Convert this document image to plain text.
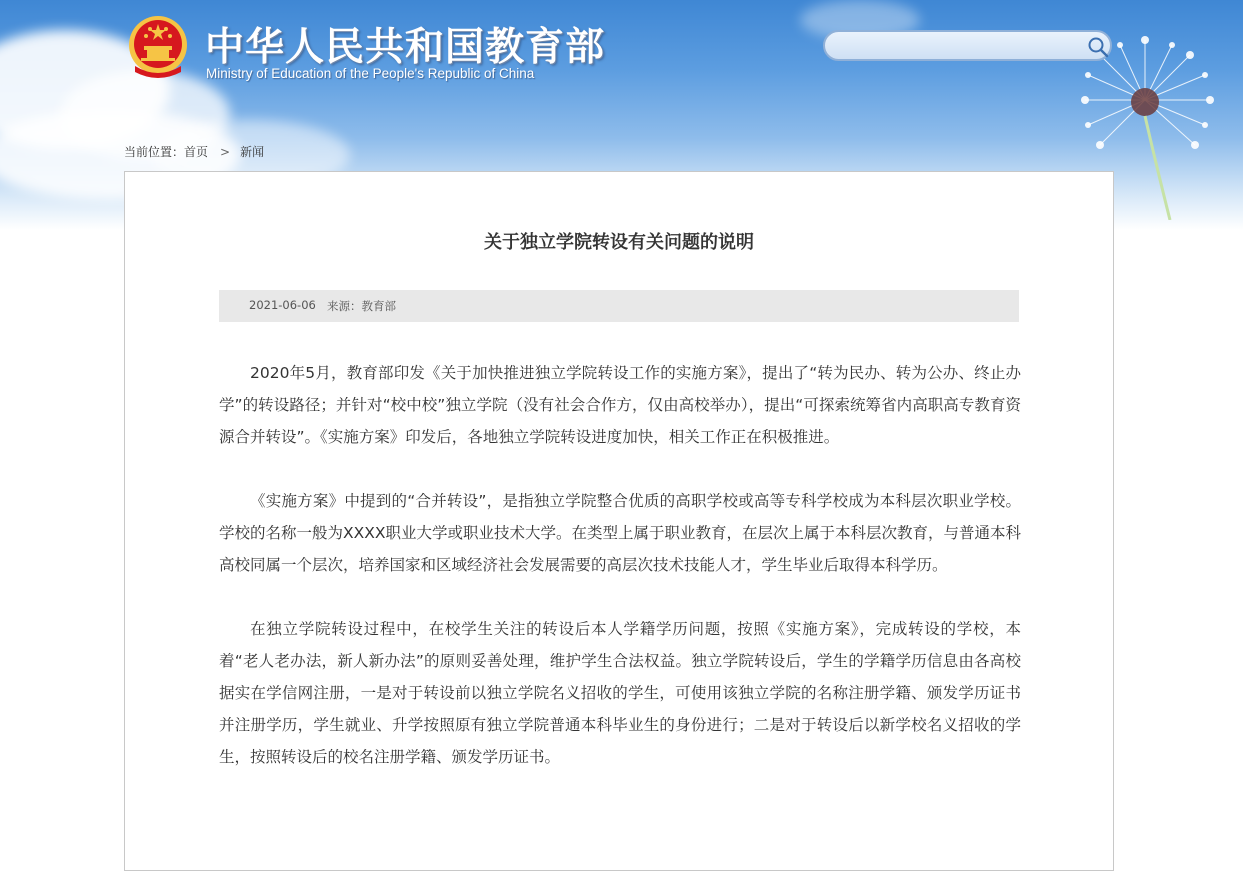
中华人民共和国教育部
Ministry of Education of the People's Republic of China
当前位置：首页 > 新闻
关于独立学院转设有关问题的说明
2021-06-06 来源：教育部

2020年5月，教育部印发《关于加快推进独立学院转设工作的实施方案》，提出了“转为民办、转为公办、终止办学”的转设路径；并针对“校中校”独立学院（没有社会合作方，仅由高校举办），提出“可探索统筹省内高职高专教育资源合并转设”。《实施方案》印发后，各地独立学院转设进度加快，相关工作正在积极推进。

《实施方案》中提到的“合并转设”，是指独立学院整合优质的高职学校或高等专科学校成为本科层次职业学校。学校的名称一般为XXXX职业大学或职业技术大学。在类型上属于职业教育，在层次上属于本科层次教育，与普通本科高校同属一个层次，培养国家和区域经济社会发展需要的高层次技术技能人才，学生毕业后取得本科学历。

在独立学院转设过程中，在校学生关注的转设后本人学籍学历问题，按照《实施方案》，完成转设的学校，本着“老人老办法，新人新办法”的原则妥善处理，维护学生合法权益。独立学院转设后，学生的学籍学历信息由各高校据实在学信网注册，一是对于转设前以独立学院名义招收的学生，可使用该独立学院的名称注册学籍、颁发学历证书并注册学历，学生就业、升学按照原有独立学院普通本科毕业生的身份进行；二是对于转设后以新学校名义招收的学生，按照转设后的校名注册学籍、颁发学历证书。
